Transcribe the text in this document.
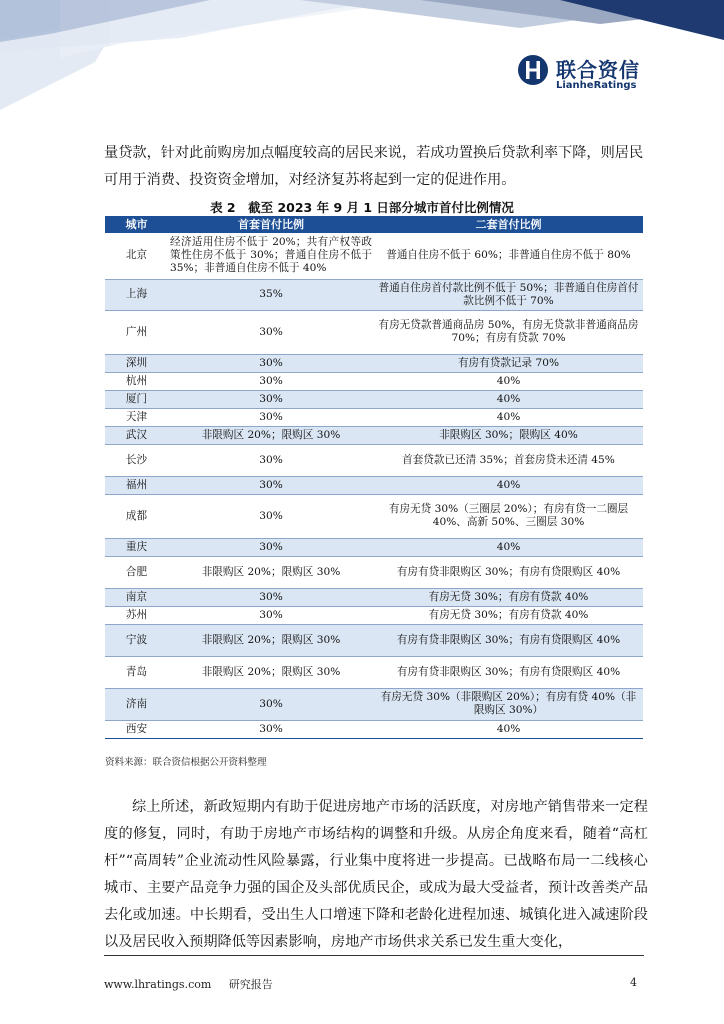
联合资信
LianheRatings

量贷款，针对此前购房加点幅度较高的居民来说，若成功置换后贷款利率下降，则居民可用于消费、投资资金增加，对经济复苏将起到一定的促进作用。

表 2　截至 2023 年 9 月 1 日部分城市首付比例情况
城市	首套首付比例	二套首付比例
北京	经济适用住房不低于 20%；共有产权等政策性住房不低于 30%；普通自住房不低于 35%；非普通自住房不低于 40%	普通自住房不低于 60%；非普通自住房不低于 80%
上海	35%	普通自住房首付款比例不低于 50%；非普通自住房首付款比例不低于 70%
广州	30%	有房无贷款普通商品房 50%，有房无贷款非普通商品房 70%；有房有贷款 70%
深圳	30%	有房有贷款记录 70%
杭州	30%	40%
厦门	30%	40%
天津	30%	40%
武汉	非限购区 20%；限购区 30%	非限购区 30%；限购区 40%
长沙	30%	首套贷款已还清 35%；首套房贷未还清 45%
福州	30%	40%
成都	30%	有房无贷 30%（三圈层 20%）；有房有贷一二圈层 40%、高新 50%、三圈层 30%
重庆	30%	40%
合肥	非限购区 20%；限购区 30%	有房有贷非限购区 30%；有房有贷限购区 40%
南京	30%	有房无贷 30%；有房有贷款 40%
苏州	30%	有房无贷 30%；有房有贷款 40%
宁波	非限购区 20%；限购区 30%	有房有贷非限购区 30%；有房有贷限购区 40%
青岛	非限购区 20%；限购区 30%	有房有贷非限购区 30%；有房有贷限购区 40%
济南	30%	有房无贷 30%（非限购区 20%）；有房有贷 40%（非限购区 30%）
西安	30%	40%
资料来源：联合资信根据公开资料整理

综上所述，新政短期内有助于促进房地产市场的活跃度，对房地产销售带来一定程度的修复，同时，有助于房地产市场结构的调整和升级。从房企角度来看，随着“高杠杆”“高周转”企业流动性风险暴露，行业集中度将进一步提高。已战略布局一二线核心城市、主要产品竞争力强的国企及头部优质民企，或成为最大受益者，预计改善类产品去化或加速。中长期看，受出生人口增速下降和老龄化进程加速、城镇化进入减速阶段以及居民收入预期降低等因素影响，房地产市场供求关系已发生重大变化，

www.lhratings.com 研究报告	4
